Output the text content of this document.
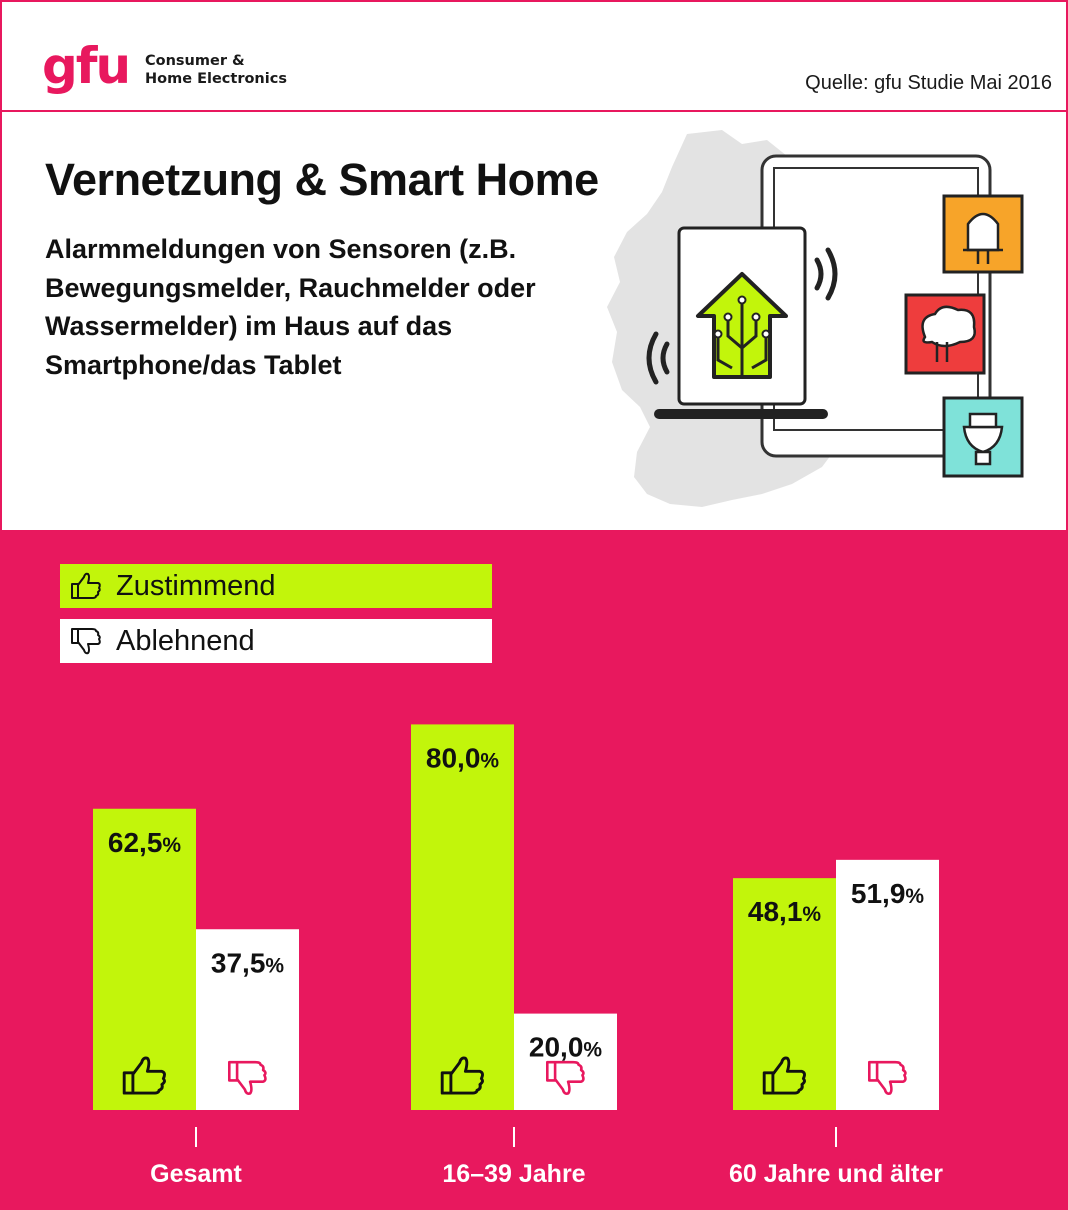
gfu Consumer &
Home Electronics	Quelle: gfu Studie Mai 2016
Vernetzung & Smart Home
Alarmmeldungen von Sensoren (z.B. Bewegungsmelder, Rauchmelder oder Wassermelder) im Haus auf das Smartphone/das Tablet
Zustimmend
Ablehnend
62,5%
37,5%
Gesamt
80,0%
20,0%
16–39 Jahre
48,1%
51,9%
60 Jahre und älter
